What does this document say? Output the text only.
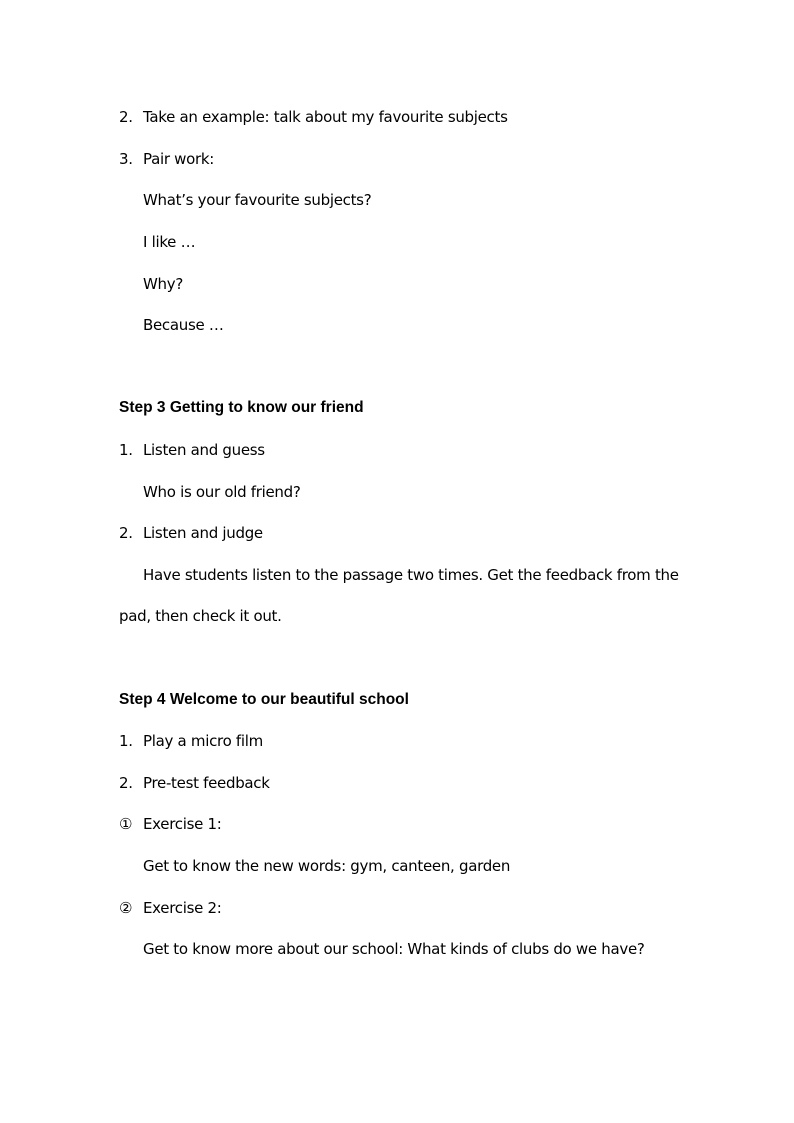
2. Take an example: talk about my favourite subjects
3. Pair work:
What’s your favourite subjects?
I like …
Why?
Because …
Step 3 Getting to know our friend
1. Listen and guess
Who is our old friend?
2. Listen and judge
Have students listen to the passage two times. Get the feedback from the
pad, then check it out.
Step 4 Welcome to our beautiful school
1. Play a micro film
2. Pre-test feedback
① Exercise 1:
Get to know the new words: gym, canteen, garden
② Exercise 2:
Get to know more about our school: What kinds of clubs do we have?
